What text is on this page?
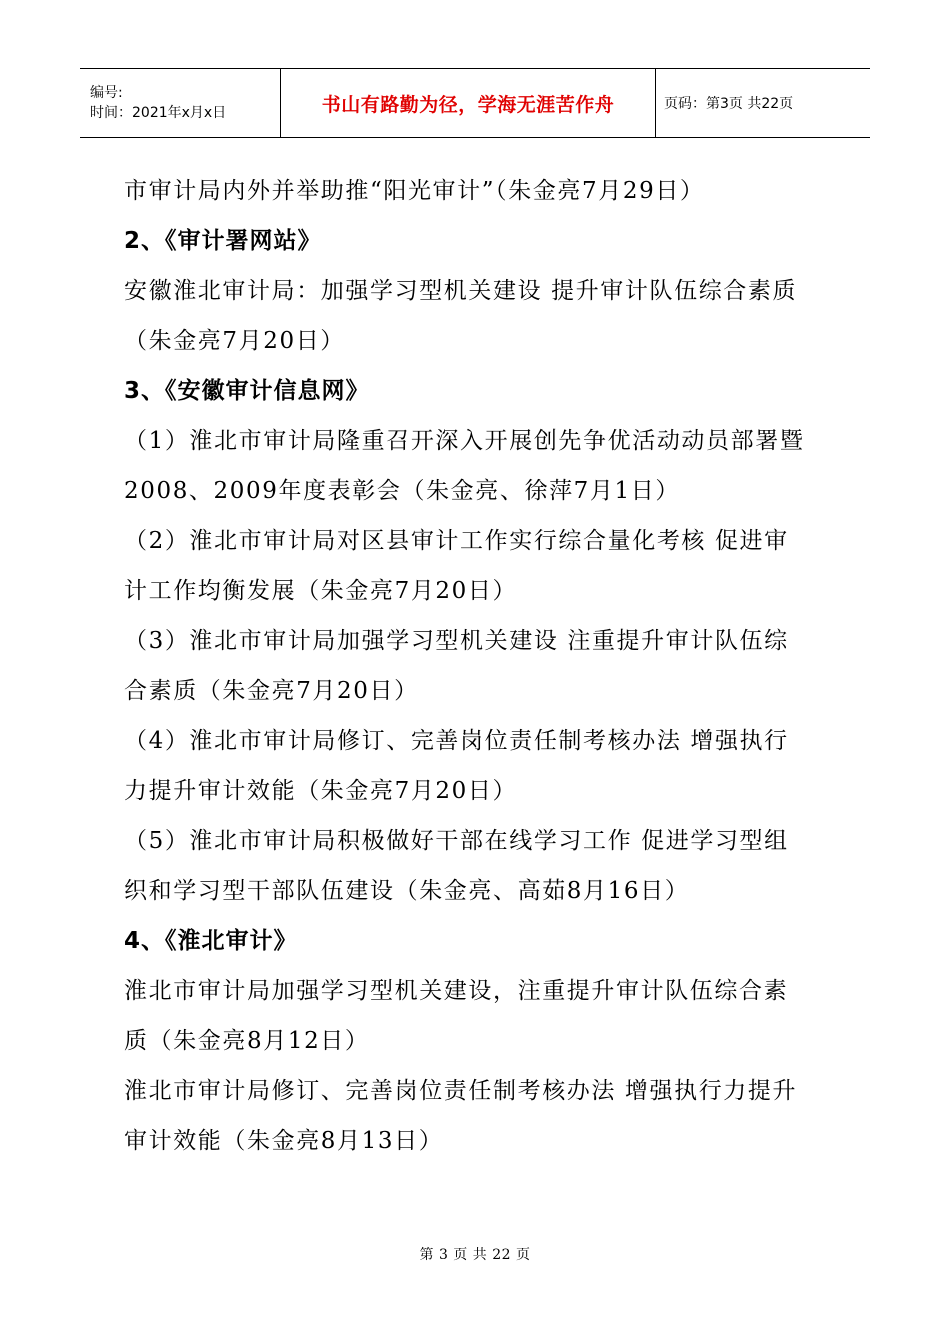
编号:
时间：2021年x月x日	书山有路勤为径，学海无涯苦作舟	页码：第3页 共22页
市审计局内外并举助推“阳光审计”（朱金亮7月29日）
2、《审计署网站》
安徽淮北审计局：加强学习型机关建设 提升审计队伍综合素质
（朱金亮7月20日）
3、《安徽审计信息网》
（1）淮北市审计局隆重召开深入开展创先争优活动动员部署暨
2008、2009年度表彰会（朱金亮、徐萍7月1日）
（2）淮北市审计局对区县审计工作实行综合量化考核 促进审
计工作均衡发展（朱金亮7月20日）
（3）淮北市审计局加强学习型机关建设 注重提升审计队伍综
合素质（朱金亮7月20日）
（4）淮北市审计局修订、完善岗位责任制考核办法 增强执行
力提升审计效能（朱金亮7月20日）
（5）淮北市审计局积极做好干部在线学习工作 促进学习型组
织和学习型干部队伍建设（朱金亮、高茹8月16日）
4、《淮北审计》
淮北市审计局加强学习型机关建设，注重提升审计队伍综合素
质（朱金亮8月12日）
淮北市审计局修订、完善岗位责任制考核办法 增强执行力提升
审计效能（朱金亮8月13日）
第 3 页 共 22 页
